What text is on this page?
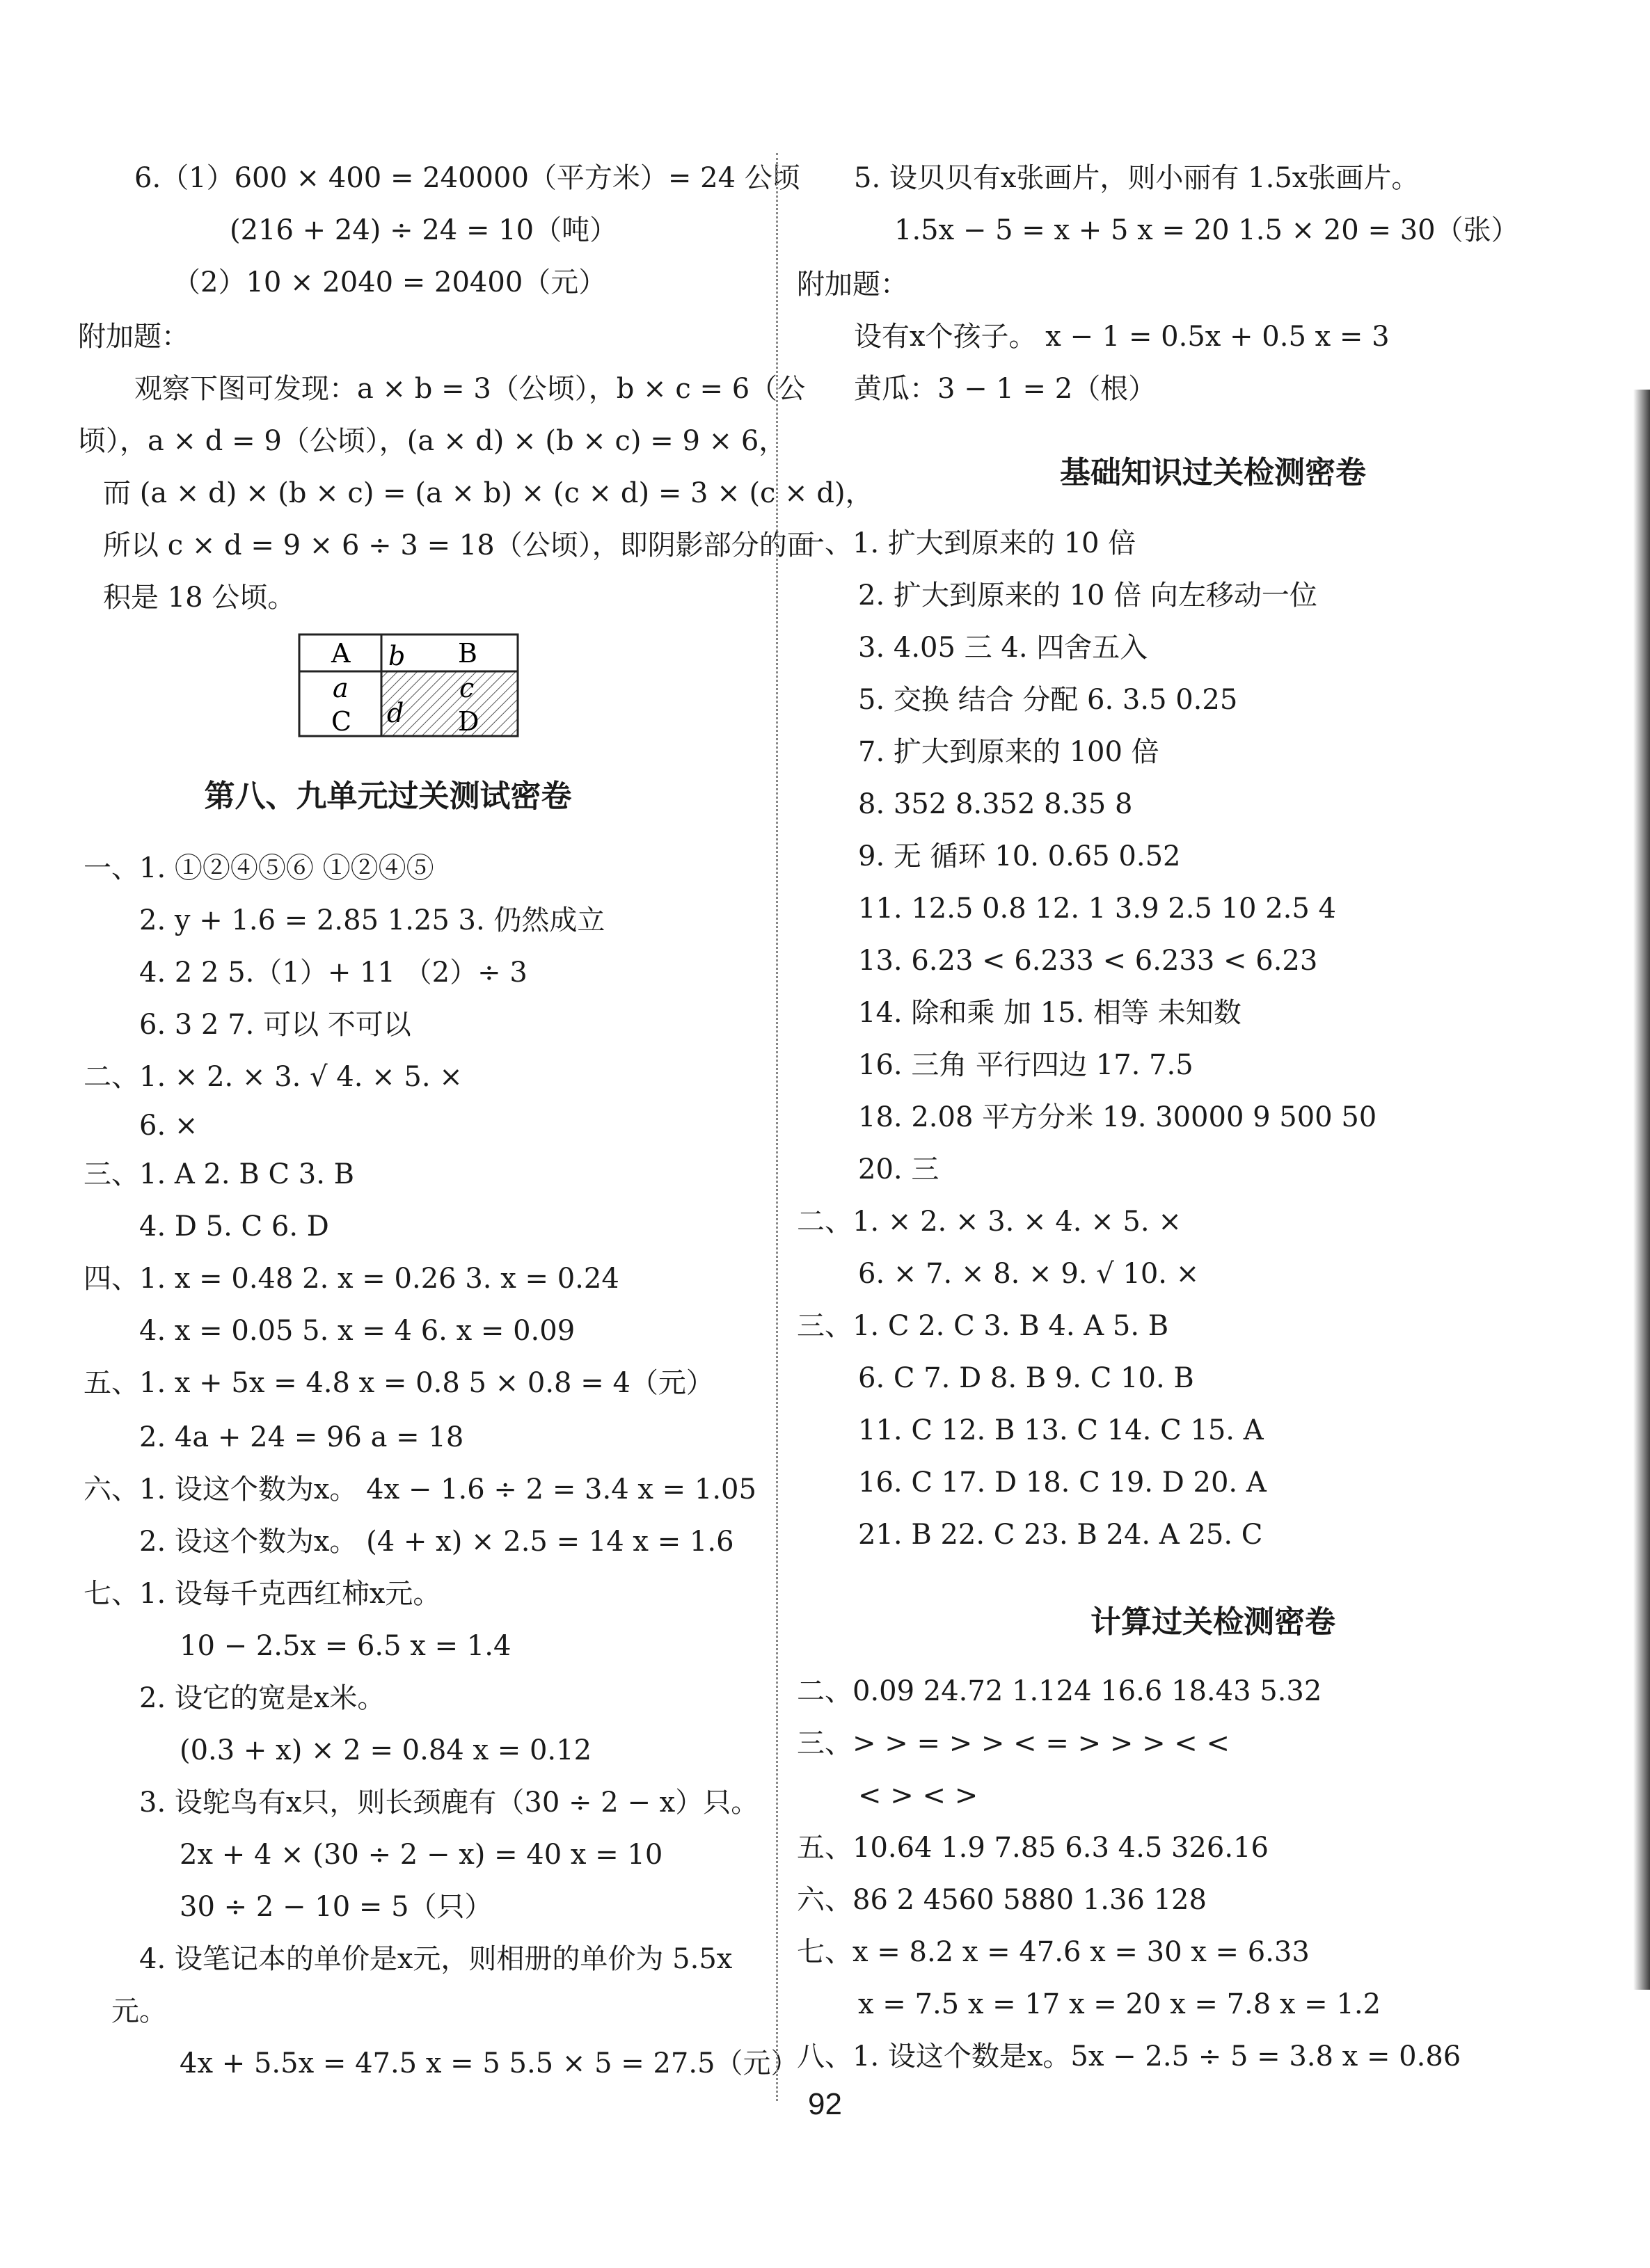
6.（1）600 × 400 = 240000（平方米）= 24 公顷
(216 + 24) ÷ 24 = 10（吨）
（2）10 × 2040 = 20400（元）
附加题：
观察下图可发现：a × b = 3（公顷），b × c = 6（公
顷），a × d = 9（公顷），(a × d) × (b × c) = 9 × 6，
而 (a × d) × (b × c) = (a × b) × (c × d) = 3 × (c × d)，
所以 c × d = 9 × 6 ÷ 3 = 18（公顷），即阴影部分的面
积是 18 公顷。
A b B
a	c
C d D
第八、九单元过关测试密卷
一、1. ①②④⑤⑥ ①②④⑤
2. y + 1.6 = 2.85 1.25 3. 仍然成立
4. 2 2 5.（1）+ 11 （2）÷ 3
6. 3 2 7. 可以 不可以
二、1. × 2. × 3. √ 4. × 5. ×
6. ×
三、1. A 2. B C 3. B
4. D 5. C 6. D
四、1. x = 0.48 2. x = 0.26 3. x = 0.24
4. x = 0.05 5. x = 4 6. x = 0.09
五、1. x + 5x = 4.8 x = 0.8 5 × 0.8 = 4（元）
2. 4a + 24 = 96 a = 18
六、1. 设这个数为x。 4x − 1.6 ÷ 2 = 3.4 x = 1.05
2. 设这个数为x。 (4 + x) × 2.5 = 14 x = 1.6
七、1. 设每千克西红柿x元。
10 − 2.5x = 6.5 x = 1.4
2. 设它的宽是x米。
(0.3 + x) × 2 = 0.84 x = 0.12
3. 设鸵鸟有x只，则长颈鹿有（30 ÷ 2 − x）只。
2x + 4 × (30 ÷ 2 − x) = 40 x = 10
30 ÷ 2 − 10 = 5（只）
4. 设笔记本的单价是x元，则相册的单价为 5.5x
元。
4x + 5.5x = 47.5 x = 5 5.5 × 5 = 27.5（元）
5. 设贝贝有x张画片，则小丽有 1.5x张画片。
1.5x − 5 = x + 5 x = 20 1.5 × 20 = 30（张）
附加题：
设有x个孩子。 x − 1 = 0.5x + 0.5 x = 3
黄瓜：3 − 1 = 2（根）
基础知识过关检测密卷
一、1. 扩大到原来的 10 倍
2. 扩大到原来的 10 倍 向左移动一位
3. 4.05 三 4. 四舍五入
5. 交换 结合 分配 6. 3.5 0.25
7. 扩大到原来的 100 倍
8. 352 8.352 8.35 8
9. 无 循环 10. 0.65 0.52
11. 12.5 0.8 12. 1 3.9 2.5 10 2.5 4
13. 6.23 < 6.233 < 6.233 < 6.23
14. 除和乘 加 15. 相等 未知数
16. 三角 平行四边 17. 7.5
18. 2.08 平方分米 19. 30000 9 500 50
20. 三
二、1. × 2. × 3. × 4. × 5. ×
6. × 7. × 8. × 9. √ 10. ×
三、1. C 2. C 3. B 4. A 5. B
6. C 7. D 8. B 9. C 10. B
11. C 12. B 13. C 14. C 15. A
16. C 17. D 18. C 19. D 20. A
21. B 22. C 23. B 24. A 25. C
计算过关检测密卷
二、0.09 24.72 1.124 16.6 18.43 5.32
三、> > = > > < = > > > < <
< > < >
五、10.64 1.9 7.85 6.3 4.5 326.16
六、86 2 4560 5880 1.36 128
七、x = 8.2 x = 47.6 x = 30 x = 6.33
x = 7.5 x = 17 x = 20 x = 7.8 x = 1.2
八、1. 设这个数是x。5x − 2.5 ÷ 5 = 3.8 x = 0.86
92
